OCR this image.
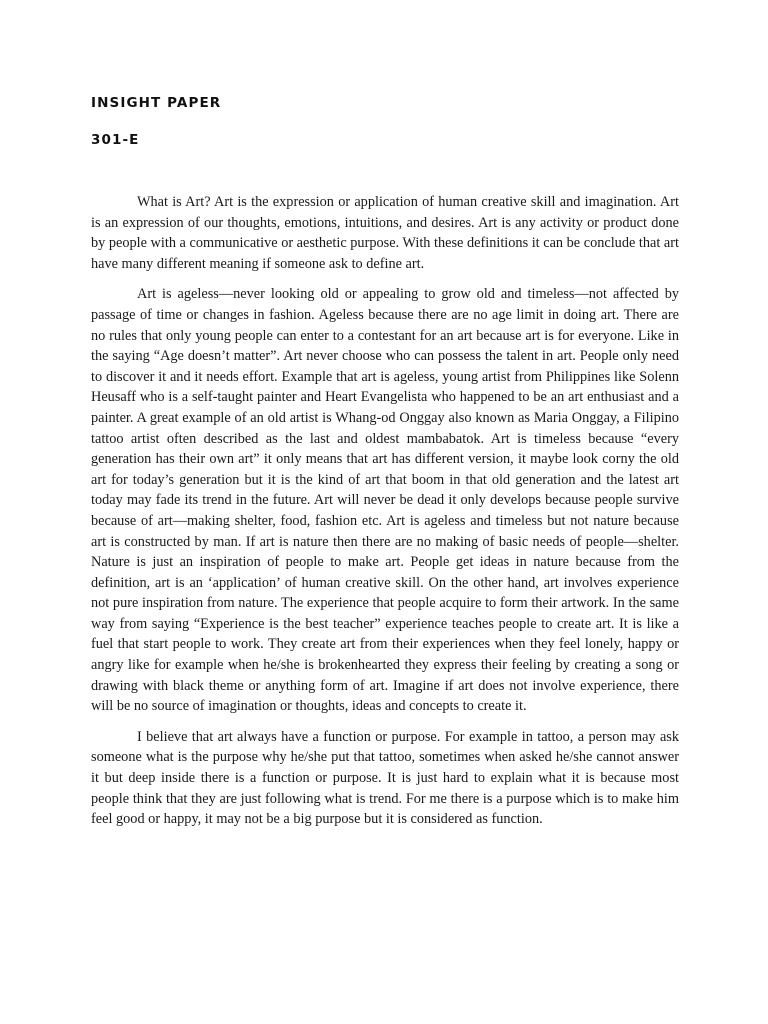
INSIGHT PAPER
301-E

What is Art? Art is the expression or application of human creative skill and imagination. Art is an expression of our thoughts, emotions, intuitions, and desires. Art is any activity or product done by people with a communicative or aesthetic purpose. With these definitions it can be conclude that art have many different meaning if someone ask to define art.

Art is ageless—never looking old or appealing to grow old and timeless—not affected by passage of time or changes in fashion. Ageless because there are no age limit in doing art. There are no rules that only young people can enter to a contestant for an art because art is for everyone. Like in the saying “Age doesn’t matter”. Art never choose who can possess the talent in art. People only need to discover it and it needs effort. Example that art is ageless, young artist from Philippines like Solenn Heusaff who is a self-taught painter and Heart Evangelista who happened to be an art enthusiast and a painter. A great example of an old artist is Whang-od Onggay also known as Maria Onggay, a Filipino tattoo artist often described as the last and oldest mambabatok. Art is timeless because “every generation has their own art” it only means that art has different version, it maybe look corny the old art for today’s generation but it is the kind of art that boom in that old generation and the latest art today may fade its trend in the future. Art will never be dead it only develops because people survive because of art—making shelter, food, fashion etc. Art is ageless and timeless but not nature because art is constructed by man. If art is nature then there are no making of basic needs of people—shelter. Nature is just an inspiration of people to make art. People get ideas in nature because from the definition, art is an ‘application’ of human creative skill. On the other hand, art involves experience not pure inspiration from nature. The experience that people acquire to form their artwork. In the same way from saying “Experience is the best teacher” experience teaches people to create art. It is like a fuel that start people to work. They create art from their experiences when they feel lonely, happy or angry like for example when he/she is brokenhearted they express their feeling by creating a song or drawing with black theme or anything form of art. Imagine if art does not involve experience, there will be no source of imagination or thoughts, ideas and concepts to create it.

I believe that art always have a function or purpose. For example in tattoo, a person may ask someone what is the purpose why he/she put that tattoo, sometimes when asked he/she cannot answer it but deep inside there is a function or purpose. It is just hard to explain what it is because most people think that they are just following what is trend. For me there is a purpose which is to make him feel good or happy, it may not be a big purpose but it is considered as function.
